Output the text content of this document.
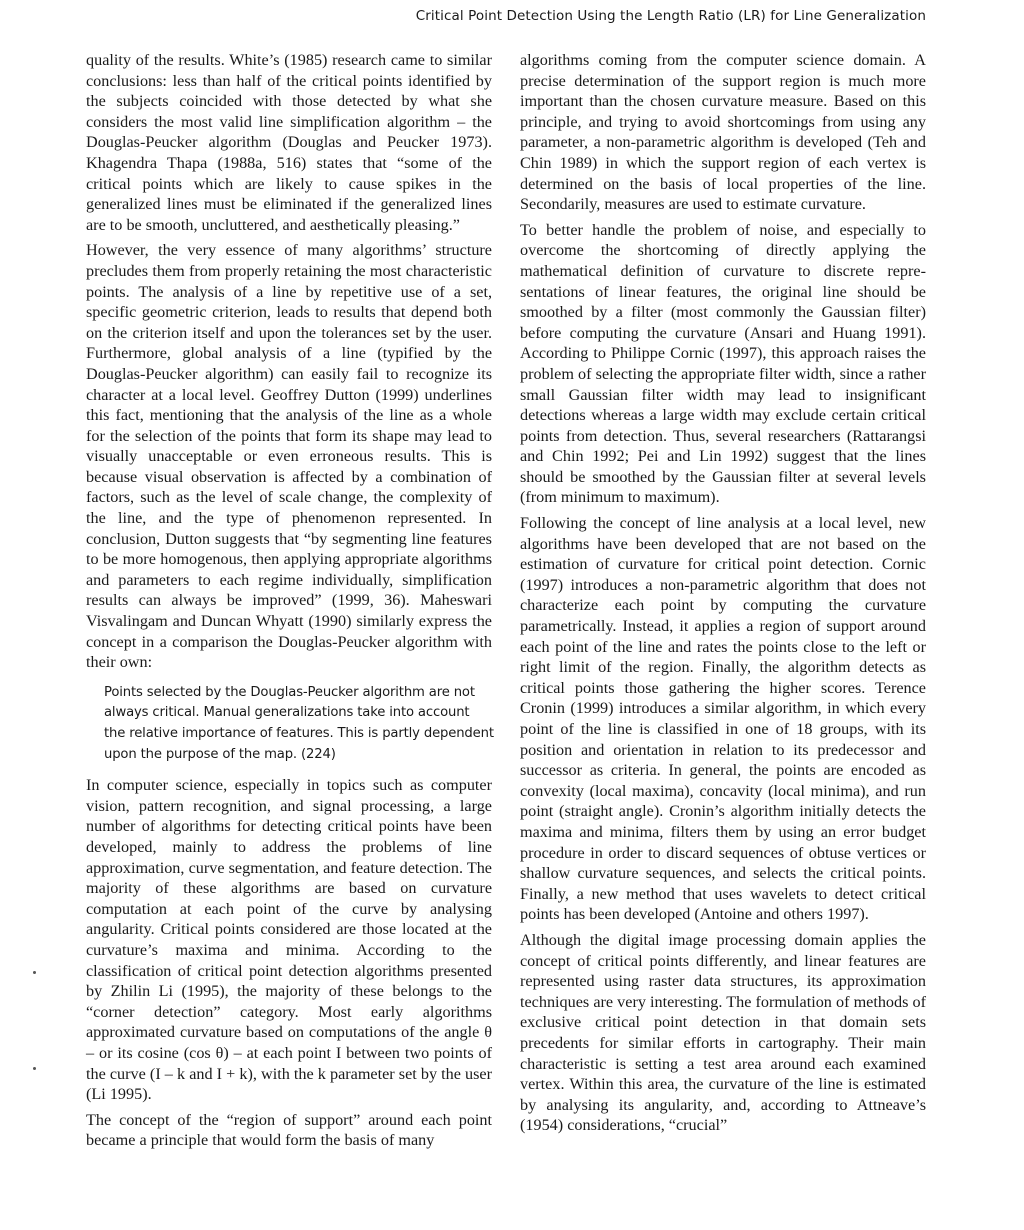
Critical Point Detection Using the Length Ratio (LR) for Line Generalization

quality of the results. White’s (1985) research came to similar conclusions: less than half of the critical points identified by the subjects coincided with those detected by what she considers the most valid line simplification algorithm – the Douglas-Peucker algorithm (Douglas and Peucker 1973). Khagendra Thapa (1988a, 516) states that “some of the critical points which are likely to cause spikes in the generalized lines must be eliminated if the generalized lines are to be smooth, uncluttered, and aesthetically pleasing.”

However, the very essence of many algorithms’ structure precludes them from properly retaining the most characteristic points. The analysis of a line by repetitive use of a set, specific geometric criterion, leads to results that depend both on the criterion itself and upon the tolerances set by the user. Furthermore, global analysis of a line (typified by the Douglas-Peucker algorithm) can easily fail to recognize its character at a local level. Geoffrey Dutton (1999) underlines this fact, mentioning that the analysis of the line as a whole for the selection of the points that form its shape may lead to visually unacceptable or even erroneous results. This is because visual observation is affected by a combination of factors, such as the level of scale change, the complexity of the line, and the type of phenomenon represented. In conclusion, Dutton suggests that “by segmenting line features to be more homogenous, then applying appropriate algorithms and parameters to each regime individually, simplification results can always be improved” (1999, 36). Maheswari Visvalingam and Duncan Whyatt (1990) similarly express the concept in a comparison the Douglas-Peucker algorithm with their own:

Points selected by the Douglas-Peucker algorithm are not
always critical. Manual generalizations take into account
the relative importance of features. This is partly dependent
upon the purpose of the map. (224)

In computer science, especially in topics such as computer vision, pattern recognition, and signal processing, a large number of algorithms for detecting critical points have been developed, mainly to address the problems of line approximation, curve segmentation, and feature detection. The majority of these algorithms are based on curvature computation at each point of the curve by analysing angularity. Critical points considered are those located at the curvature’s maxima and minima. According to the classification of critical point detection algorithms presented by Zhilin Li (1995), the majority of these belongs to the “corner detection” category. Most early algorithms approximated curvature based on computations of the angle θ – or its cosine (cos θ) – at each point I between two points of the curve (I – k and I + k), with the k parameter set by the user (Li 1995).

The concept of the “region of support” around each point became a principle that would form the basis of many

algorithms coming from the computer science domain. A precise determination of the support region is much more important than the chosen curvature measure. Based on this principle, and trying to avoid shortcomings from using any parameter, a non-parametric algorithm is developed (Teh and Chin 1989) in which the support region of each vertex is determined on the basis of local properties of the line. Secondarily, measures are used to estimate curvature.

To better handle the problem of noise, and especially to overcome the shortcoming of directly applying the mathematical definition of curvature to discrete representations of linear features, the original line should be smoothed by a filter (most commonly the Gaussian filter) before computing the curvature (Ansari and Huang 1991). According to Philippe Cornic (1997), this approach raises the problem of selecting the appropriate filter width, since a rather small Gaussian filter width may lead to insignificant detections whereas a large width may exclude certain critical points from detection. Thus, several researchers (Rattarangsi and Chin 1992; Pei and Lin 1992) suggest that the lines should be smoothed by the Gaussian filter at several levels (from minimum to maximum).

Following the concept of line analysis at a local level, new algorithms have been developed that are not based on the estimation of curvature for critical point detection. Cornic (1997) introduces a non-parametric algorithm that does not characterize each point by computing the curvature parametrically. Instead, it applies a region of support around each point of the line and rates the points close to the left or right limit of the region. Finally, the algorithm detects as critical points those gathering the higher scores. Terence Cronin (1999) introduces a similar algorithm, in which every point of the line is classified in one of 18 groups, with its position and orientation in relation to its predecessor and successor as criteria. In general, the points are encoded as convexity (local maxima), concavity (local minima), and run point (straight angle). Cronin’s algorithm initially detects the maxima and minima, filters them by using an error budget procedure in order to discard sequences of obtuse vertices or shallow curvature sequences, and selects the critical points. Finally, a new method that uses wavelets to detect critical points has been developed (Antoine and others 1997).

Although the digital image processing domain applies the concept of critical points differently, and linear features are represented using raster data structures, its approximation techniques are very interesting. The formulation of methods of exclusive critical point detection in that domain sets precedents for similar efforts in cartography. Their main characteristic is setting a test area around each examined vertex. Within this area, the curvature of the line is estimated by analysing its angularity, and, according to Attneave’s (1954) considerations, “crucial”
